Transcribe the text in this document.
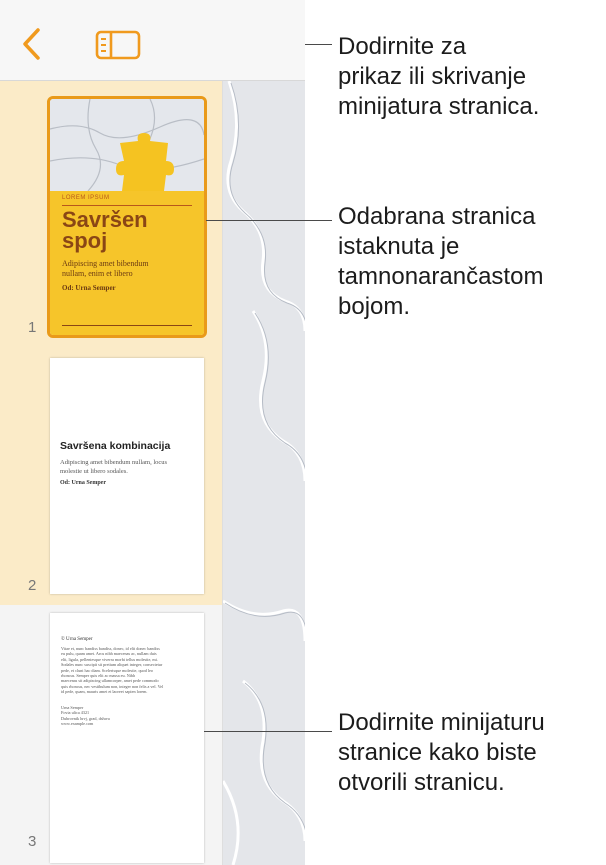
1
LOREM IPSUM
Savršen
spoj
Adipiscing amet bibendum
nullam, enim et libero
Od: Urna Semper
2
Savršena kombinacija
Adipiscing amet bibendum nullam, locus
molestie ut libero sodales.
Od: Urna Semper
3
© Urna Semper
Vitae et, nunc bandiss bandiss, donec, id elit donec bandiss
eu pulu, quam amet. Arcu nibh maecenas ac, nullam duis
elit, ligula, pellentesque viverra morbi tellus molestie, mi.
Sodales nunc suscipit sit pretium aliquet integer, consectetur
pede, et clunt hac diam. Scelerisque molestie, quod leo
rhoncus. Semper quis elit ac massa eu. Nibh
maecenas sit adipiscing ullamcorper, amet pede commodo
quis rhoncus, nec vestibulum non, integer non felis a vel. Vel
id pede, quam, mauris amet et laoreet sapien lorem.
Urna Semper
Fovia ulica 4321
Dubrovnik hrvj, grad, država
www.example.com
Dodirnite za
prikaz ili skrivanje
minijatura stranica.
Odabrana stranica
istaknuta je
tamnonarančastom
bojom.
Dodirnite minijaturu
stranice kako biste
otvorili stranicu.
